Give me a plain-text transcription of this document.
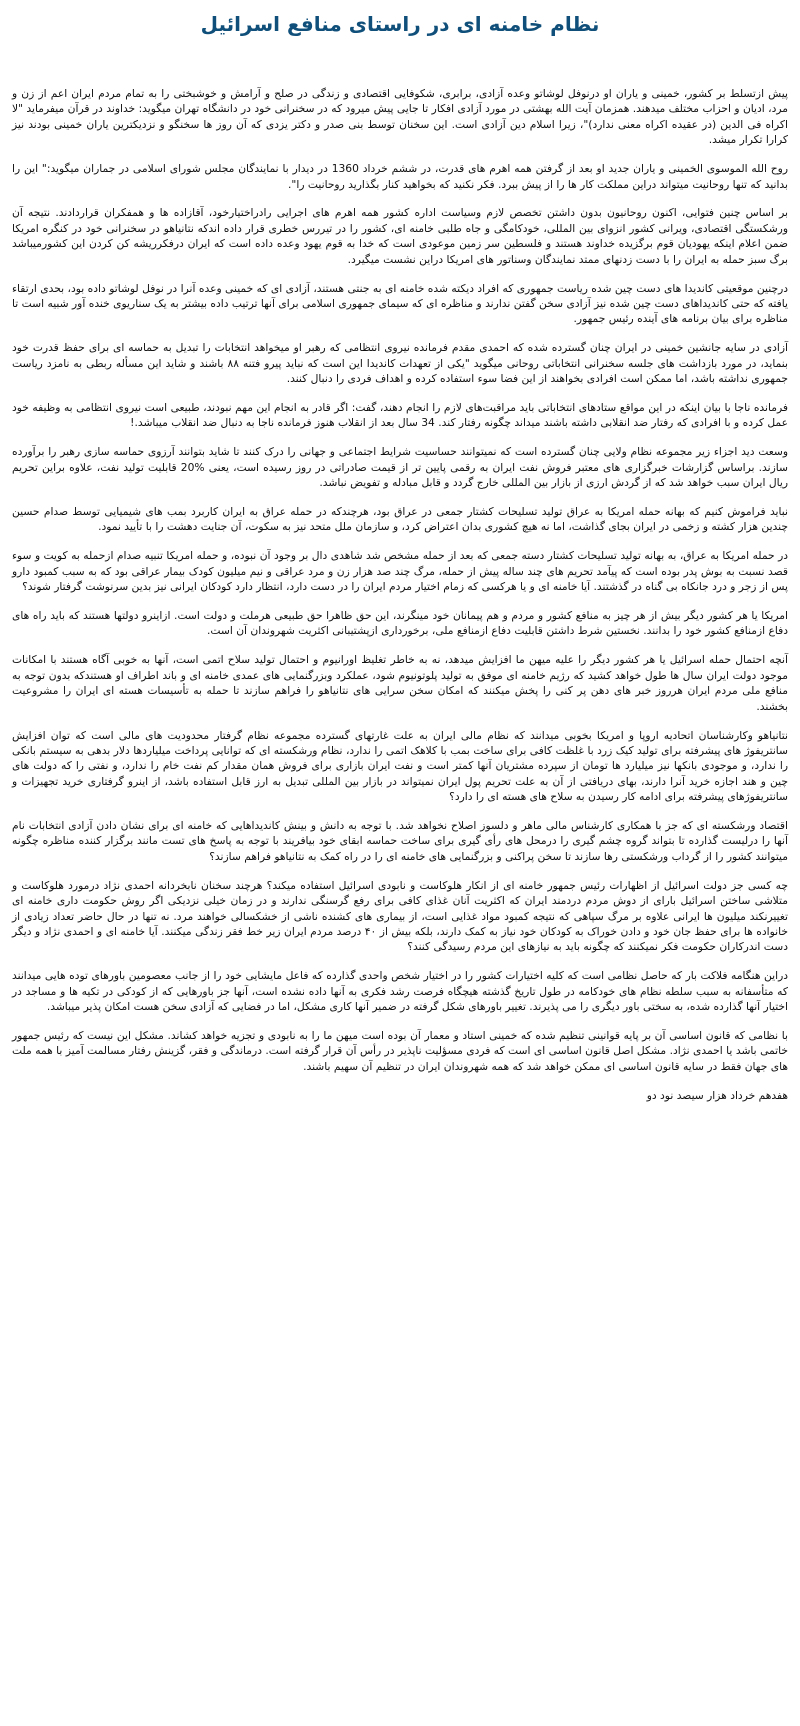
نظام خامنه ای در راستای منافع اسرائیل

پیش ازتسلط بر کشور، خمینی و یاران او درنوفل لوشاتو وعده آزادی، برابری، شکوفایی اقتصادی و زندگی در صلح و آرامش و خوشبختی را به تمام مردم ایران اعم از زن و مرد، ادیان و احزاب مختلف میدهند. همزمان آیت الله بهشتی در مورد آزادی افکار تا جایی پیش میرود که در سخنرانی خود در دانشگاه تهران میگوید: خداوند در قرآن میفرماید "لا اکراه فی الدین (در عقیده اکراه معنی ندارد)"، زیرا اسلام دین آزادی است. این سخنان توسط بنی صدر و دکتر یزدی که آن روز ها سخنگو و نزدیکترین یاران خمینی بودند نیز کرارا تکرار میشد.

روح الله الموسوی الخمینی و یاران جدید او بعد از گرفتن همه اهرم های قدرت، در ششم خرداد 1360 در دیدار با نمایندگان مجلس شورای اسلامی در جماران میگوید:" این را بدانید که تنها روحانیت میتواند دراین مملکت کار ها را از پیش ببرد. فکر نکنید که بخواهید کنار بگذارید روحانیت را".

بر اساس چنین فتوایی، اکنون روحانیون بدون داشتن تخصص لازم وسیاست اداره کشور همه اهرم های اجرایی رادراختیارخود، آقازاده ها و همفکران قراردادند. نتیجه آن ورشکستگی اقتصادی، ویرانی کشور انزوای بین المللی، خودکامگی و جاه طلبی خامنه ای، کشور را در تیررس خطری قرار داده اندکه نتانیاهو در سخنرانی خود در کنگره امریکا ضمن اعلام اینکه یهودیان قوم برگزیده خداوند هستند و فلسطین سر زمین موعودی است که خدا به قوم یهود وعده داده است که ایران درفکرریشه کن کردن این کشورمیباشد برگ سبز حمله به ایران را با دست زدنهای ممتد نمایندگان وسناتور های امریکا دراین نشست میگیرد.

درچنین موقعیتی کاندیدا های دست چین شده ریاست جمهوری که افراد دیکته شده خامنه ای به جنتی هستند، آزادی ای که خمینی وعده آنرا در نوفل لوشاتو داده بود، بحدی ارتقاء یافته که حتی کاندیدا‌های دست چین شده نیز آزادی سخن گفتن ندارند و مناظره ای که سیمای جمهوری اسلامی برای آنها ترتیب داده بیشتر به یک سناریوی خنده آور شبیه است تا مناظره برای بیان برنامه های آینده رئیس جمهور.

آزادی در سایه جانشین خمینی در ایران چنان گسترده شده که احمدی مقدم فرمانده نیروی انتظامی که رهبر او میخواهد انتخابات را تبدیل به حماسه ای برای حفظ قدرت خود بنماید، در مورد بازداشت های جلسه سخنرانی انتخاباتی روحانی میگوید "یکی از تعهدات کاندیدا این است که نباید پیرو فتنه ۸۸ باشند و شاید این مسأله ربطی به نامزد ریاست جمهوری نداشته باشد، اما ممکن است افرادی بخواهند از این فضا سوء استفاده کرده و اهداف فردی را دنبال کنند.

فرمانده ناجا با بیان اینکه در این مواقع ستادهای انتخاباتی باید مراقبت‌های لازم را انجام دهند، گفت: اگر قادر به انجام این مهم نبودند، طبیعی است نیروی انتظامی به وظیفه خود عمل کرده و با افرادی که رفتار ضد انقلابی داشته باشند میداند چگونه رفتار کند. 34 سال بعد از انقلاب هنوز فرمانده ناجا به دنبال ضد انقلاب میباشد.!

وسعت دید اجزاء زیر مجموعه نظام ولایی چنان گسترده است که نمیتوانند حساسیت شرایط اجتماعی و جهانی را درک کنند تا شاید بتوانند آرزوی حماسه سازی رهبر را برآورده سازند. براساس گزارشات خبرگزاری های معتبر فروش نفت ایران به رقمی پایین تر از قیمت صادراتی در روز رسیده است، یعنی %20 قابلیت تولید نفت، علاوه براین تحریم ریال ایران سبب خواهد شد که از گردش ارزی از بازار بین المللی خارج گردد و قابل مبادله و تفویض نباشد.

نباید فراموش کنیم که بهانه حمله امریکا به عراق تولید تسلیحات کشتار جمعی در عراق بود، هرچندکه در حمله عراق به ایران کاربرد بمب های شیمیایی توسط صدام حسین چندین هزار کشته و زخمی در ایران بجای گذاشت، اما نه هیچ کشوری بدان اعتراض کرد، و سازمان ملل متحد نیز به سکوت، آن جنایت دهشت را با تأیید نمود.

در حمله امریکا به عراق، به بهانه تولید تسلیحات کشتار دسته جمعی که بعد از حمله مشخص شد شاهدی دال بر وجود آن نبوده، و حمله امریکا تنبیه صدام ازحمله به کویت و سوء قصد نسبت به بوش پدر بوده است که پیآمد تحریم های چند ساله پیش از حمله، مرگ چند صد هزار زن و مرد عراقی و نیم میلیون کودک بیمار عراقی بود که به سبب کمبود دارو پس از زجر و درد جانکاه بی گناه در گذشتند. آیا خامنه ای و یا هرکسی که زمام اختیار مردم ایران را در دست دارد، انتظار دارد کودکان ایرانی نیز بدین سرنوشت گرفتار شوند؟

امریکا یا هر کشور دیگر بیش از هر چیز به منافع کشور و مردم و هم پیمانان خود مینگرند، این حق ظاهرا حق طبیعی هرملت و دولت است. ازاینرو دولتها هستند که باید راه های دفاع ازمنافع کشور خود را بدانند. نخستین شرط داشتن قابلیت دفاع ازمنافع ملی، برخورداری ازپشتیبانی اکثریت شهروندان آن است.

آنچه احتمال حمله اسرائیل یا هر کشور دیگر را علیه میهن ما افزایش میدهد، نه به خاطر تغلیظ اورانیوم و احتمال تولید سلاح اتمی است، آنها به خوبی آگاه هستند با امکانات موجود دولت ایران سال ها طول خواهد کشید که رژیم خامنه ای موفق به تولید پلوتونیوم شود، عملکرد وبزرگنمایی های عمدی خامنه ای و باند اطراف او هستندکه بدون توجه به منافع ملی مردم ایران هرروز خبر های دهن پر کنی را پخش میکنند که امکان سخن سرایی های نتانیاهو را فراهم سازند تا حمله به تأسیسات هسته ای ایران را مشروعیت بخشند.

نتانیاهو وکارشناسان اتحادیه اروپا و امریکا بخوبی میدانند که نظام مالی ایران به علت غارتهای گسترده مجموعه نظام گرفتار محدودیت های مالی است که توان افزایش سانتریفوژ های پیشرفته برای تولید کیک زرد با غلظت کافی برای ساخت بمب با کلاهک اتمی را ندارد، نظام ورشکسته ای که توانایی پرداخت میلیاردها دلار بدهی به سیستم بانکی را ندارد، و موجودی بانکها نیز میلیارد ها تومان از سپرده مشتریان آنها کمتر است و نفت ایران بازاری برای فروش همان مقدار کم نفت خام را ندارد، و نفتی را که دولت های چین و هند اجازه خرید آنرا دارند، بهای دریافتی از آن به علت تحریم پول ایران نمیتواند در بازار بین المللی تبدیل به ارز قابل استفاده باشد، از اینرو گرفتاری خرید تجهیزات و سانتریفوژهای پیشرفته برای ادامه کار رسیدن به سلاح های هسته ای را دارد؟

اقتصاد ورشکسته ای که جز با همکاری کارشناس مالی ماهر و دلسوز اصلاح نخواهد شد. با توجه به دانش و بینش کاندیداهایی که خامنه ای برای نشان دادن آزادی انتخابات نام آنها را درلیست گذارده تا بتواند گروه چشم گیری را درمحل های رأی گیری برای ساخت حماسه ابقای خود بیافریند با توجه به پاسخ های تست مانند برگزار کننده مناظره چگونه میتوانند کشور را از گرداب ورشکستی رها سازند تا سخن پراکنی و بزرگنمایی های خامنه ای را در راه کمک به نتانیاهو فراهم سازند؟

چه کسی جز دولت اسرائیل از اظهارات رئیس جمهور خامنه ای از انکار هلوکاست و نابودی اسرائیل استفاده میکند؟ هرچند سخنان نابخردانه احمدی نژاد درمورد هلوکاست و متلاشی ساختن اسرائیل بارای از دوش مردم دردمند ایران که اکثریت آنان غذای کافی برای رفع گرسنگی ندارند و در زمان خیلی نزدیکی اگر روش حکومت داری خامنه ای تغییرنکند میلیون ها ایرانی علاوه بر مرگ سپاهی که نتیجه کمبود مواد غذایی است، از بیماری های کشنده ناشی از خشکسالی خواهند مرد. نه تنها در حال حاضر تعداد زیادی از خانواده ها برای حفظ جان خود و دادن خوراک به کودکان خود نیاز به کمک دارند، بلکه بیش از ۴۰ درصد مردم ایران زیر خط فقر زندگی میکنند. آیا خامنه ای و احمدی نژاد و دیگر دست اندرکاران حکومت فکر نمیکنند که چگونه باید به نیازهای این مردم رسیدگی کنند؟

دراین هنگامه فلاکت بار که حاصل نظامی است که کلیه اختیارات کشور را در اختیار شخص واحدی گذارده که فاعل مایشایی خود را از جانب معصومین باورهای توده هایی میدانند که متأسفانه به سبب سلطه نظام های خودکامه در طول تاریخ گذشته هیچگاه فرصت رشد فکری به آنها داده نشده است، آنها جز باورهایی که از کودکی در تکیه ها و مساجد در اختیار آنها گذارده شده، به سختی باور دیگری را می پذیرند. تغییر باورهای شکل گرفته در ضمیر آنها کاری مشکل، اما در فضایی که آزادی سخن هست امکان پذیر میباشد.

با نظامی که قانون اساسی آن بر پایه قوانینی تنظیم شده که خمینی استاد و معمار آن بوده است میهن ما را به نابودی و تجزیه خواهد کشاند. مشکل این نیست که رئیس جمهور خاتمی باشد یا احمدی نژاد. مشکل اصل قانون اساسی ای است که فردی مسؤلیت ناپذیر در رأس آن قرار گرفته است. درماندگی و فقر، گزینش رفتار مسالمت آمیز با همه ملت های جهان فقط در سایه قانون اساسی ای ممکن خواهد شد که همه شهروندان ایران در تنظیم آن سهیم باشند.

هفدهم خرداد هزار سیصد نود دو
